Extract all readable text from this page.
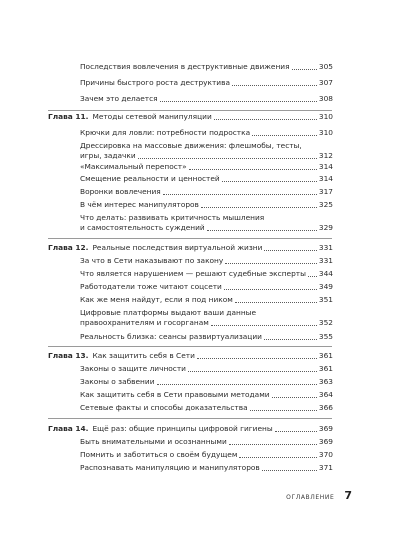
Последствия вовлечения в деструктивные движения	305
Причины быстрого роста деструктива	307
Зачем это делается	308
Глава 11. Методы сетевой манипуляции	310
Крючки для ловли: потребности подростка	310
Дрессировка на массовые движения: флешмобы, тесты,
игры, задачки	312
«Максимальный перепост»	314
Смещение реальности и ценностей	314
Воронки вовлечения	317
В чём интерес манипуляторов	325
Что делать: развивать критичность мышления
и самостоятельность суждений	329
Глава 12. Реальные последствия виртуальной жизни	331
За что в Сети наказывают по закону	331
Что является нарушением — решают судебные эксперты 344
Работодатели тоже читают соцсети	349
Как же меня найдут, если я под ником	351
Цифровые платформы выдают ваши данные
правоохранителям и госорганам	352
Реальность близка: сеансы развиртуализации	355
Глава 13. Как защитить себя в Сети	361
Законы о защите личности	361
Законы о забвении	363
Как защитить себя в Сети правовыми методами	364
Сетевые факты и способы доказательства	366
Глава 14. Ещё раз: общие принципы цифровой гигиены	369
Быть внимательными и осознанными	369
Помнить и заботиться о своём будущем	370
Распознавать манипуляцию и манипуляторов	371
ОГЛАВЛЕНИЕ 7
